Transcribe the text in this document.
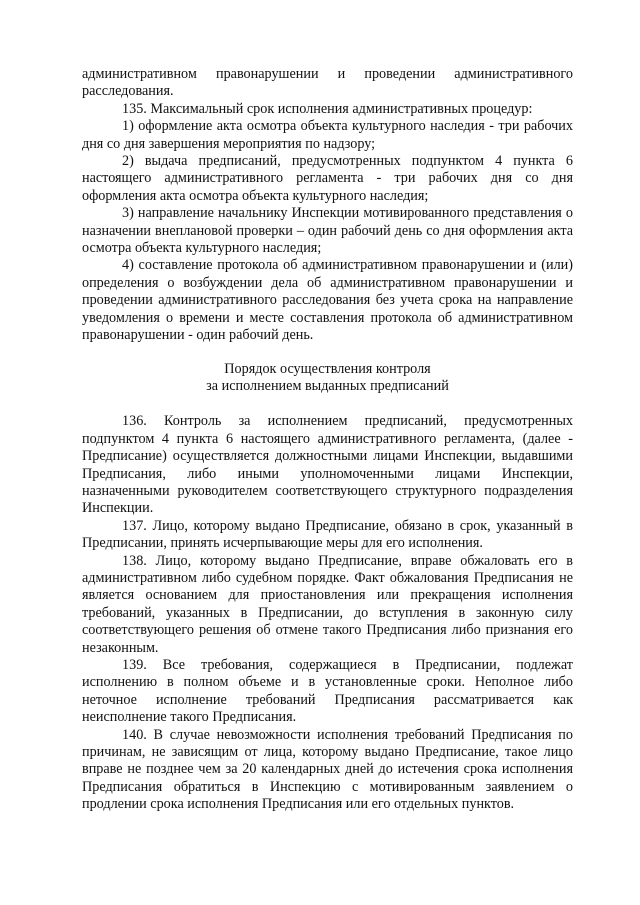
административном правонарушении и проведении административного расследования.

135. Максимальный срок исполнения административных процедур:

1) оформление акта осмотра объекта культурного наследия - три рабочих дня со дня завершения мероприятия по надзору;

2) выдача предписаний, предусмотренных подпунктом 4 пункта 6 настоящего административного регламента - три рабочих дня со дня оформления акта осмотра объекта культурного наследия;

3) направление начальнику Инспекции мотивированного представления о назначении внеплановой проверки – один рабочий день со дня оформления акта осмотра объекта культурного наследия;

4) составление протокола об административном правонарушении и (или) определения о возбуждении дела об административном правонарушении и проведении административного расследования без учета срока на направление уведомления о времени и месте составления протокола об административном правонарушении - один рабочий день.

Порядок осуществления контроля

за исполнением выданных предписаний

136. Контроль за исполнением предписаний, предусмотренных подпунктом 4 пункта 6 настоящего административного регламента, (далее - Предписание) осуществляется должностными лицами Инспекции, выдавшими Предписания, либо иными уполномоченными лицами Инспекции, назначенными руководителем соответствующего структурного подразделения Инспекции.

137. Лицо, которому выдано Предписание, обязано в срок, указанный в Предписании, принять исчерпывающие меры для его исполнения.

138. Лицо, которому выдано Предписание, вправе обжаловать его в административном либо судебном порядке. Факт обжалования Предписания не является основанием для приостановления или прекращения исполнения требований, указанных в Предписании, до вступления в законную силу соответствующего решения об отмене такого Предписания либо признания его незаконным.

139. Все требования, содержащиеся в Предписании, подлежат исполнению в полном объеме и в установленные сроки. Неполное либо неточное исполнение требований Предписания рассматривается как неисполнение такого Предписания.

140. В случае невозможности исполнения требований Предписания по причинам, не зависящим от лица, которому выдано Предписание, такое лицо вправе не позднее чем за 20 календарных дней до истечения срока исполнения Предписания обратиться в Инспекцию с мотивированным заявлением о продлении срока исполнения Предписания или его отдельных пунктов.
